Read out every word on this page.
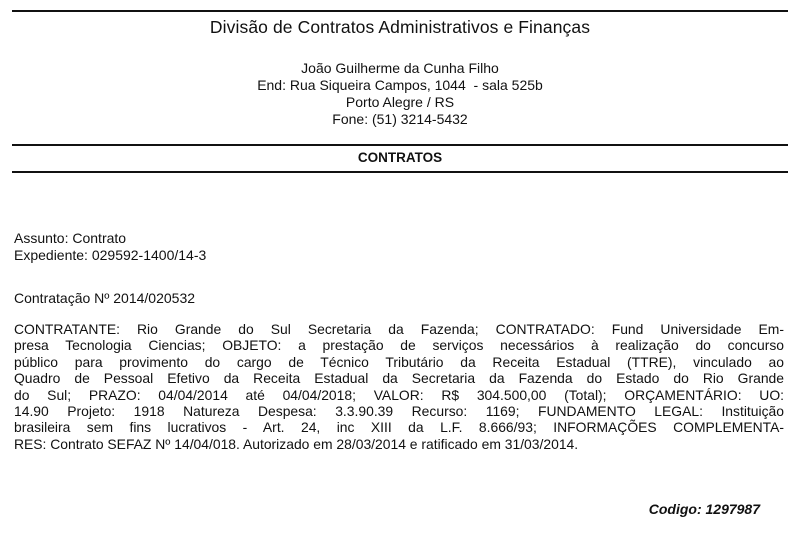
Divisão de Contratos Administrativos e Finanças
João Guilherme da Cunha Filho
End: Rua Siqueira Campos, 1044  - sala 525b
Porto Alegre / RS
Fone: (51) 3214-5432
CONTRATOS
Assunto: Contrato
Expediente: 029592-1400/14-3
Contratação Nº 2014/020532
CONTRATANTE: Rio Grande do Sul Secretaria da Fazenda; CONTRATADO: Fund Universidade Em-
presa Tecnologia Ciencias; OBJETO: a prestação de serviços necessários à realização do concurso
público para provimento do cargo de Técnico Tributário da Receita Estadual (TTRE), vinculado ao
Quadro de Pessoal Efetivo da Receita Estadual da Secretaria da Fazenda do Estado do Rio Grande
do Sul; PRAZO: 04/04/2014 até 04/04/2018; VALOR: R$ 304.500,00 (Total); ORÇAMENTÁRIO: UO:
14.90 Projeto: 1918 Natureza Despesa: 3.3.90.39 Recurso: 1169; FUNDAMENTO LEGAL: Instituição
brasileira sem fins lucrativos - Art. 24, inc XIII da L.F. 8.666/93; INFORMAÇÕES COMPLEMENTA-
RES: Contrato SEFAZ Nº 14/04/018. Autorizado em 28/03/2014 e ratificado em 31/03/2014.
Codigo: 1297987
